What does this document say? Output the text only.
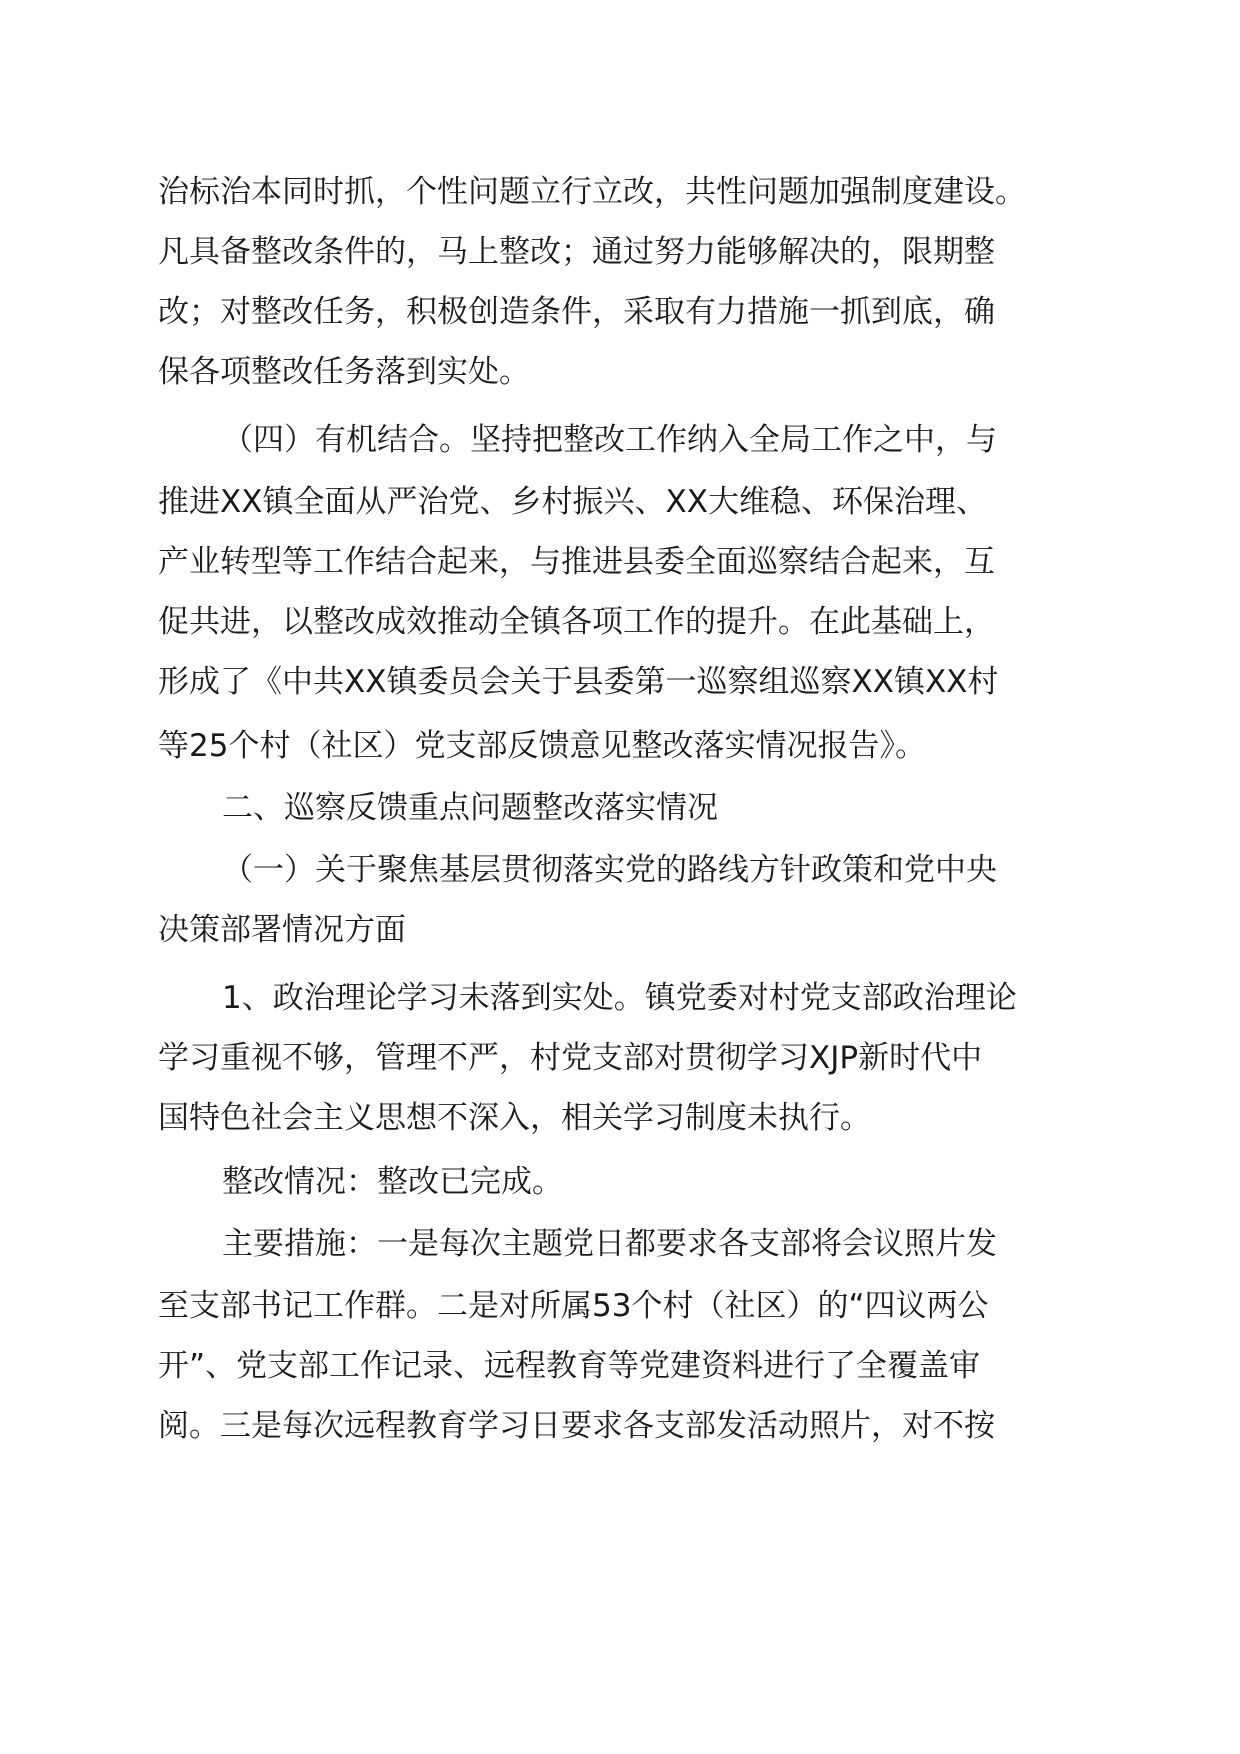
治标治本同时抓，个性问题立行立改，共性问题加强制度建设。
凡具备整改条件的，马上整改；通过努力能够解决的，限期整
改；对整改任务，积极创造条件，采取有力措施一抓到底，确
保各项整改任务落到实处。
（四）有机结合。坚持把整改工作纳入全局工作之中，与
推进XX镇全面从严治党、乡村振兴、XX大维稳、环保治理、
产业转型等工作结合起来，与推进县委全面巡察结合起来，互
促共进，以整改成效推动全镇各项工作的提升。在此基础上，
形成了《中共XX镇委员会关于县委第一巡察组巡察XX镇XX村
等25个村（社区）党支部反馈意见整改落实情况报告》。
二、巡察反馈重点问题整改落实情况
（一）关于聚焦基层贯彻落实党的路线方针政策和党中央
决策部署情况方面
1、政治理论学习未落到实处。镇党委对村党支部政治理论
学习重视不够，管理不严，村党支部对贯彻学习XJP新时代中
国特色社会主义思想不深入，相关学习制度未执行。
整改情况：整改已完成。
主要措施：一是每次主题党日都要求各支部将会议照片发
至支部书记工作群。二是对所属53个村（社区）的“四议两公
开”、党支部工作记录、远程教育等党建资料进行了全覆盖审
阅。三是每次远程教育学习日要求各支部发活动照片，对不按
